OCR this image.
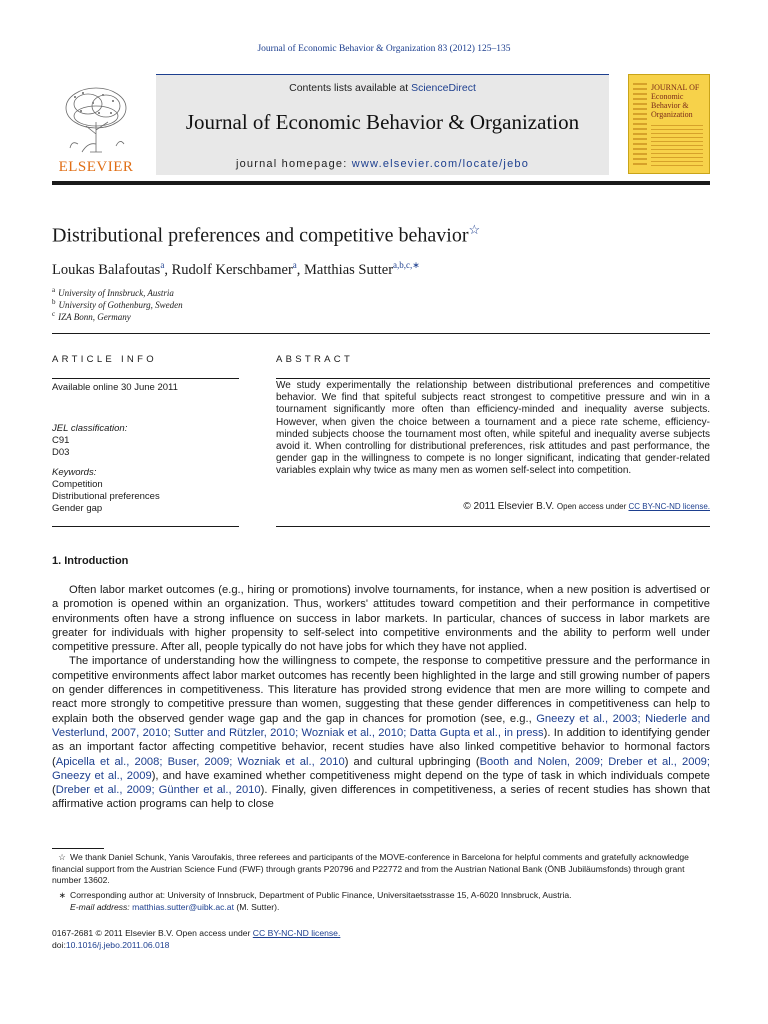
Journal of Economic Behavior & Organization 83 (2012) 125–135
Contents lists available at ScienceDirect
Journal of Economic Behavior & Organization
journal homepage: www.elsevier.com/locate/jebo
ELSEVIER
JOURNAL OF Economic Behavior & Organization
Distributional preferences and competitive behavior☆
Loukas Balafoutas$^a$, Rudolf Kerschbamer$^a$, Matthias Sutter$^{a,b,c,∗}$
$^a$ University of Innsbruck, Austria
$^b$ University of Gothenburg, Sweden
$^c$ IZA Bonn, Germany
ARTICLE INFO
Available online 30 June 2011
JEL classification:
C91
D03
Keywords:
Competition
Distributional preferences
Gender gap
ABSTRACT
We study experimentally the relationship between distributional preferences and competitive behavior. We find that spiteful subjects react strongest to competitive pressure and win in a tournament significantly more often than efficiency-minded and inequality averse subjects. However, when given the choice between a tournament and a piece rate scheme, efficiency-minded subjects choose the tournament most often, while spiteful and inequality averse subjects avoid it. When controlling for distributional preferences, risk attitudes and past performance, the gender gap in the willingness to compete is no longer significant, indicating that gender-related variables explain why twice as many men as women self-select into competition.
© 2011 Elsevier B.V. Open access under CC BY-NC-ND license.
1. Introduction

Often labor market outcomes (e.g., hiring or promotions) involve tournaments, for instance, when a new position is advertised or a promotion is opened within an organization. Thus, workers' attitudes toward competition and their performance in competitive environments often have a strong influence on success in labor markets. In particular, chances of success in labor markets are greater for individuals with higher propensity to self-select into competitive environments and the ability to perform well under competitive pressure. After all, people typically do not have jobs for which they have not applied.

The importance of understanding how the willingness to compete, the response to competitive pressure and the performance in competitive environments affect labor market outcomes has recently been highlighted in the large and still growing number of papers on gender differences in competitiveness. This literature has provided strong evidence that men are more willing to compete and react more strongly to competitive pressure than women, suggesting that these gender differences in competitiveness can help to explain both the observed gender wage gap and the gap in chances for promotion (see, e.g., Gneezy et al., 2003; Niederle and Vesterlund, 2007, 2010; Sutter and Rützler, 2010; Wozniak et al., 2010; Datta Gupta et al., in press). In addition to identifying gender as an important factor affecting competitive behavior, recent studies have also linked competitive behavior to hormonal factors (Apicella et al., 2008; Buser, 2009; Wozniak et al., 2010) and cultural upbringing (Booth and Nolen, 2009; Dreber et al., 2009; Gneezy et al., 2009), and have examined whether competitiveness might depend on the type of task in which individuals compete (Dreber et al., 2009; Günther et al., 2010). Finally, given differences in competitiveness, a series of recent studies has shown that affirmative action programs can help to close

☆ We thank Daniel Schunk, Yanis Varoufakis, three referees and participants of the MOVE-conference in Barcelona for helpful comments and gratefully acknowledge financial support from the Austrian Science Fund (FWF) through grants P20796 and P22772 and from the Austrian National Bank (ÖNB Jubiläumsfonds) through grant number 13602.
∗ Corresponding author at: University of Innsbruck, Department of Public Finance, Universitaetsstrasse 15, A-6020 Innsbruck, Austria.
E-mail address: matthias.sutter@uibk.ac.at (M. Sutter).
0167-2681 © 2011 Elsevier B.V. Open access under CC BY-NC-ND license.
doi:10.1016/j.jebo.2011.06.018
